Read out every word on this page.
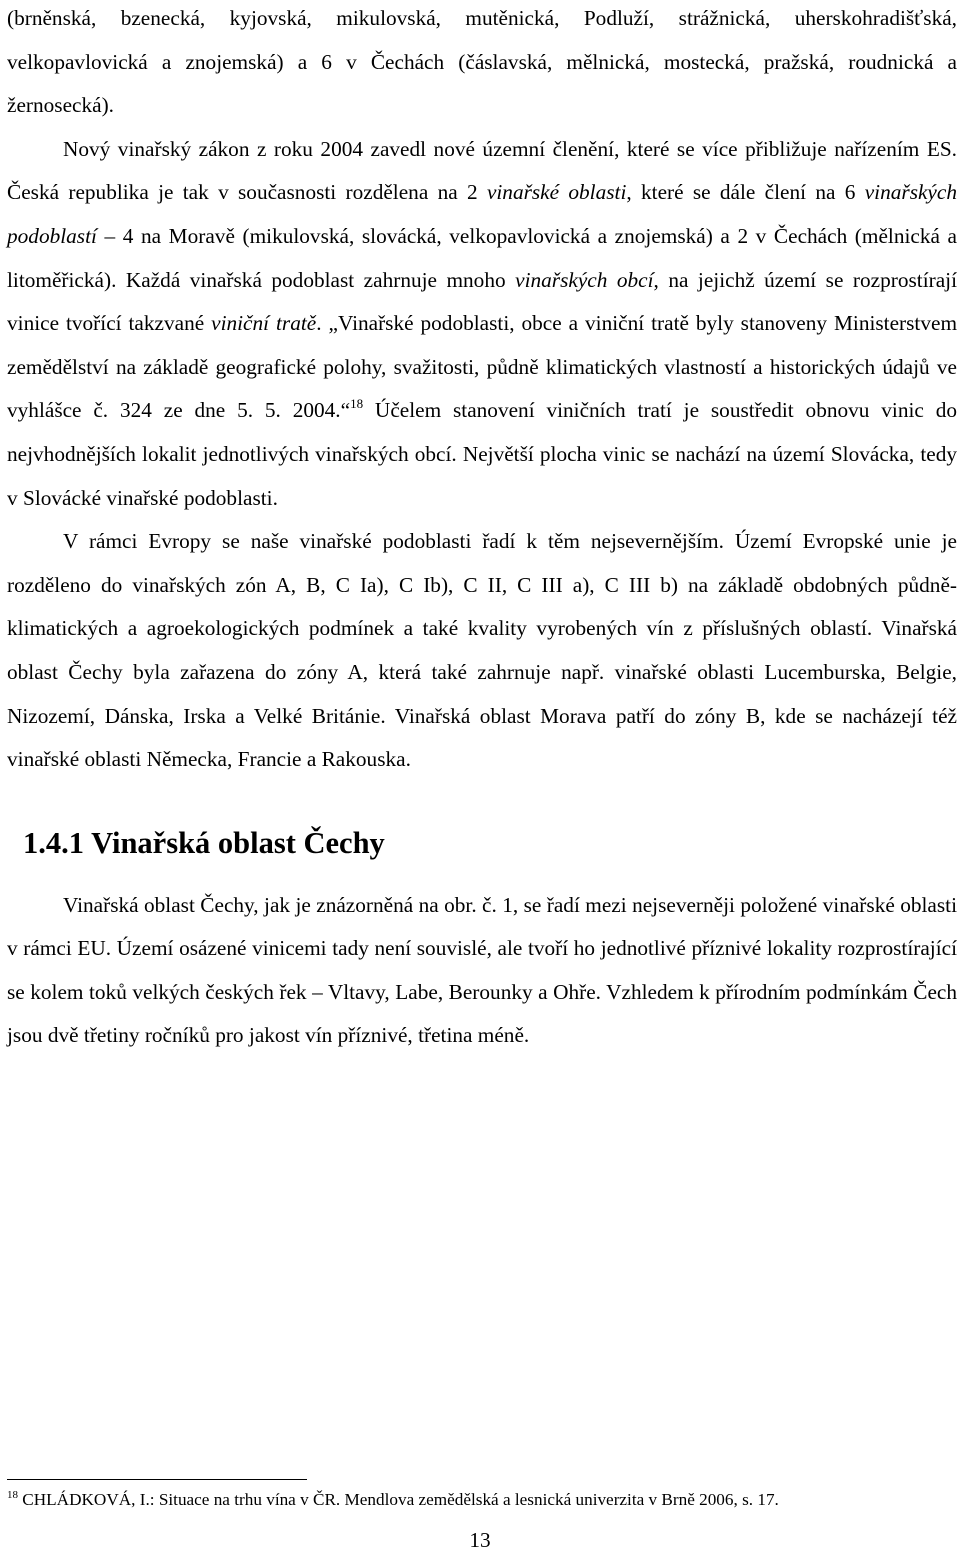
(brněnská, bzenecká, kyjovská, mikulovská, mutěnická, Podluží, strážnická, uherskohradišťská, velkopavlovická a znojemská) a 6 v Čechách (čáslavská, mělnická, mostecká, pražská, roudnická a žernosecká).

Nový vinařský zákon z roku 2004 zavedl nové územní členění, které se více přibližuje nařízením ES. Česká republika je tak v současnosti rozdělena na 2 vinařské oblasti, které se dále člení na 6 vinařských podoblastí – 4 na Moravě (mikulovská, slovácká, velkopavlovická a znojemská) a 2 v Čechách (mělnická a litoměřická). Každá vinařská podoblast zahrnuje mnoho vinařských obcí, na jejichž území se rozprostírají vinice tvořící takzvané viniční tratě. „Vinařské podoblasti, obce a viniční tratě byly stanoveny Ministerstvem zemědělství na základě geografické polohy, svažitosti, půdně klimatických vlastností a historických údajů ve vyhlášce č. 324 ze dne 5. 5. 2004.“$^{18}$ Účelem stanovení viničních tratí je soustředit obnovu vinic do nejvhodnějších lokalit jednotlivých vinařských obcí. Největší plocha vinic se nachází na území Slovácka, tedy v Slovácké vinařské podoblasti.

V rámci Evropy se naše vinařské podoblasti řadí k těm nejsevernějším. Území Evropské unie je rozděleno do vinařských zón A, B, C Ia), C Ib), C II, C III a), C III b) na základě obdobných půdně-klimatických a agroekologických podmínek a také kvality vyrobených vín z příslušných oblastí. Vinařská oblast Čechy byla zařazena do zóny A, která také zahrnuje např. vinařské oblasti Lucemburska, Belgie, Nizozemí, Dánska, Irska a Velké Británie. Vinařská oblast Morava patří do zóny B, kde se nacházejí též vinařské oblasti Německa, Francie a Rakouska.

1.4.1 Vinařská oblast Čechy

Vinařská oblast Čechy, jak je znázorněná na obr. č. 1, se řadí mezi nejseverněji položené vinařské oblasti v rámci EU. Území osázené vinicemi tady není souvislé, ale tvoří ho jednotlivé příznivé lokality rozprostírající se kolem toků velkých českých řek – Vltavy, Labe, Berounky a Ohře. Vzhledem k přírodním podmínkám Čech jsou dvě třetiny ročníků pro jakost vín příznivé, třetina méně.

$^{18}$ CHLÁDKOVÁ, I.: Situace na trhu vína v ČR. Mendlova zemědělská a lesnická univerzita v Brně 2006, s. 17.

13
